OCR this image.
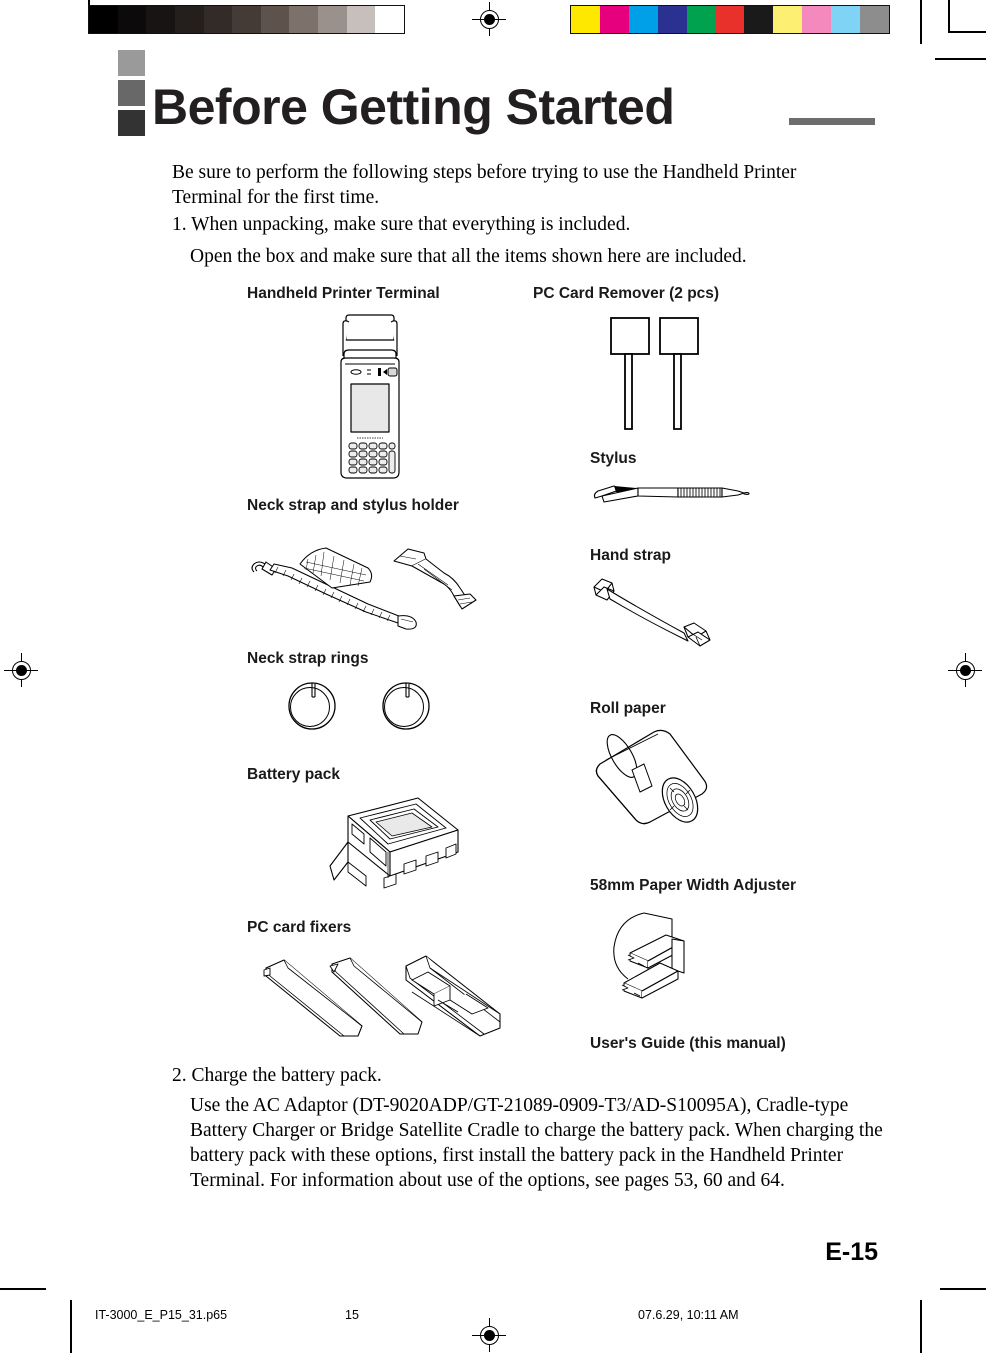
Before Getting Started
Be sure to perform the following steps before trying to use the Handheld Printer Terminal for the first time.
1. When unpacking, make sure that everything is included.
Open the box and make sure that all the items shown here are included.
Handheld Printer Terminal
Neck strap and stylus holder
Neck strap rings
Battery pack
PC card fixers
PC Card Remover (2 pcs)
Stylus
Hand strap
Roll paper
58mm Paper Width Adjuster
User's Guide (this manual)
2. Charge the battery pack.
Use the AC Adaptor (DT-9020ADP/GT-21089-0909-T3/AD-S10095A), Cradle-type Battery Charger or Bridge Satellite Cradle to charge the battery pack. When charging the battery pack with these options, first install the battery pack in the Handheld Printer Terminal. For information about use of the options, see pages 53, 60 and 64.
E-15
IT-3000_E_P15_31.p65	15	07.6.29, 10:11 AM
